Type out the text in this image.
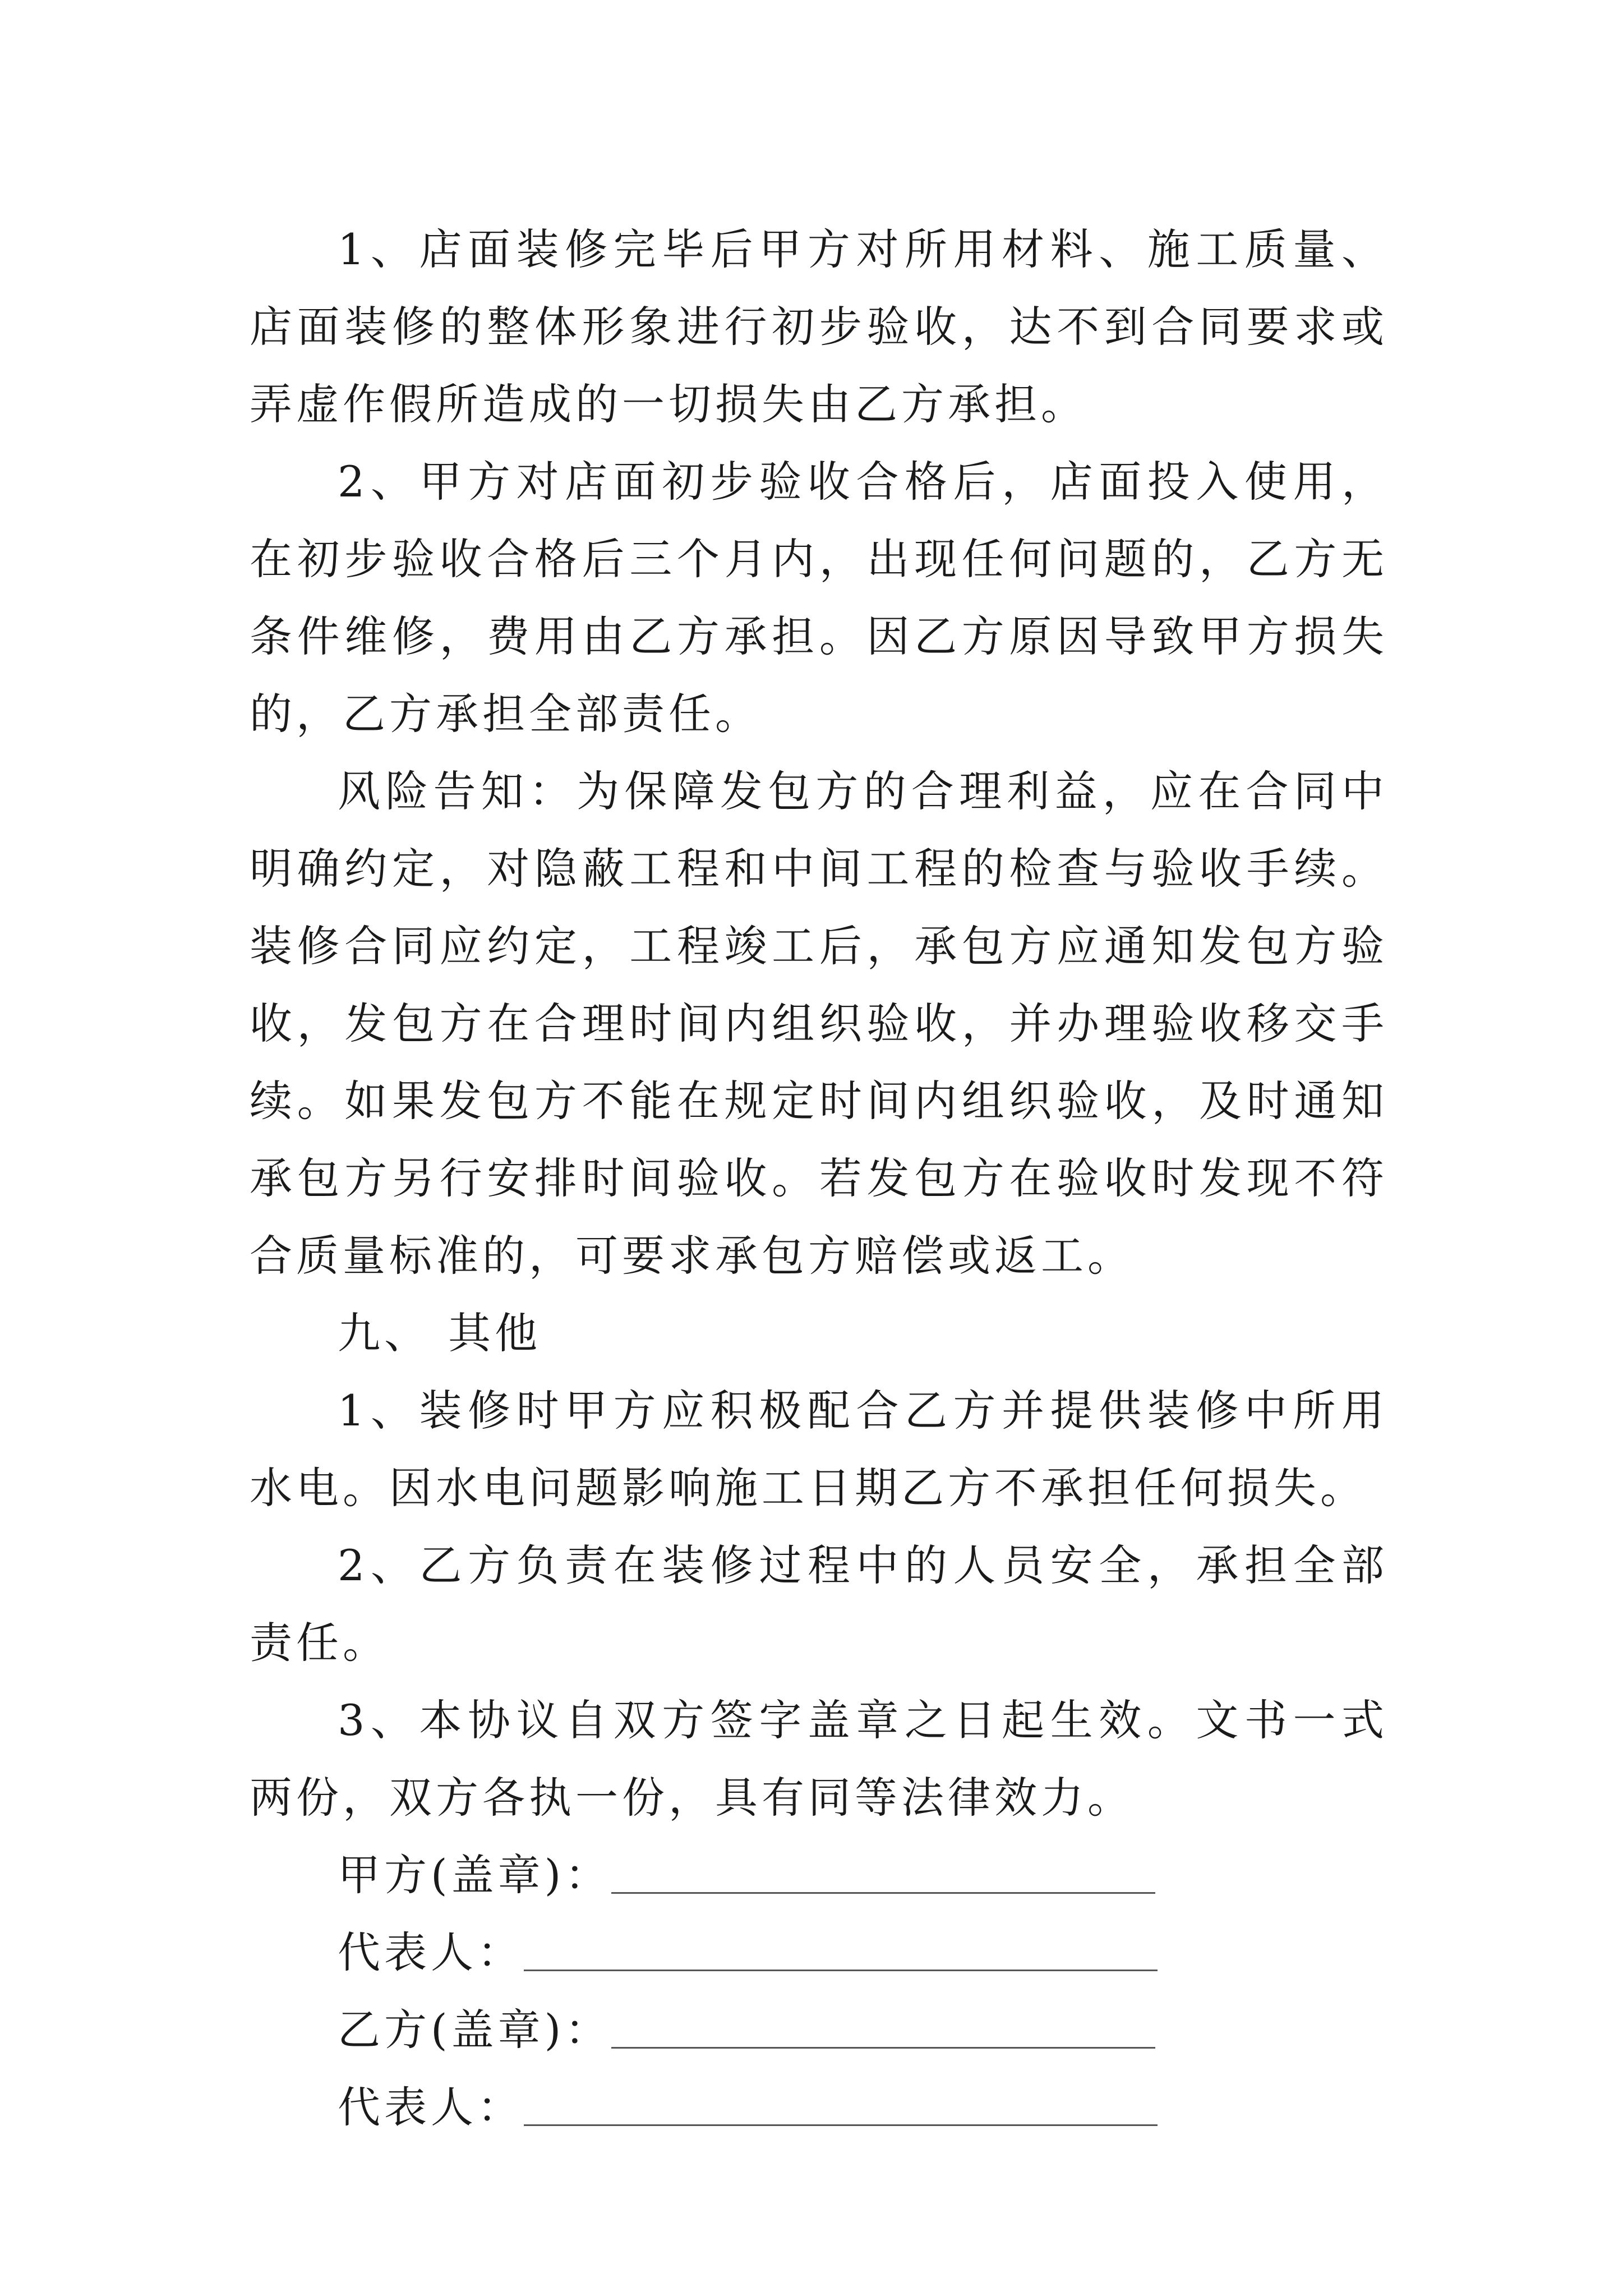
1、店面装修完毕后甲方对所用材料、施工质量、店面装修的整体形象进行初步验收，达不到合同要求或弄虚作假所造成的一切损失由乙方承担。

2、甲方对店面初步验收合格后，店面投入使用，在初步验收合格后三个月内，出现任何问题的，乙方无条件维修，费用由乙方承担。因乙方原因导致甲方损失的，乙方承担全部责任。

风险告知：为保障发包方的合理利益，应在合同中明确约定，对隐蔽工程和中间工程的检查与验收手续。装修合同应约定，工程竣工后，承包方应通知发包方验收，发包方在合理时间内组织验收，并办理验收移交手续。如果发包方不能在规定时间内组织验收，及时通知承包方另行安排时间验收。若发包方在验收时发现不符合质量标准的，可要求承包方赔偿或返工。

九、 其他

1、装修时甲方应积极配合乙方并提供装修中所用水电。因水电问题影响施工日期乙方不承担任何损失。

2、乙方负责在装修过程中的人员安全，承担全部责任。

3、本协议自双方签字盖章之日起生效。文书一式两份，双方各执一份，具有同等法律效力。

甲方(盖章)：
代表人：
乙方(盖章)：
代表人：
